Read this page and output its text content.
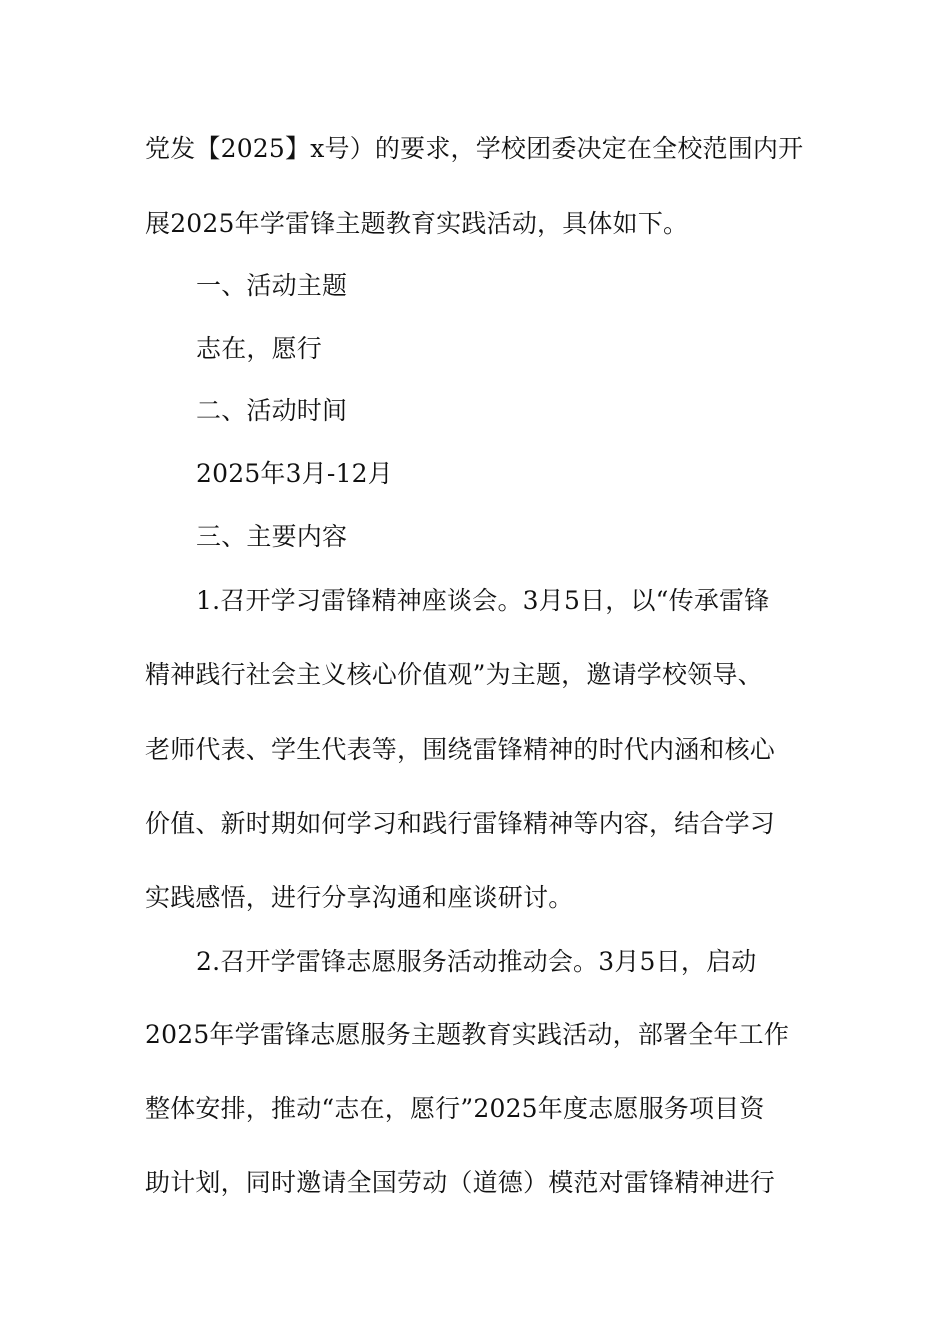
党发【2025】x号）的要求，学校团委决定在全校范围内开
展2025年学雷锋主题教育实践活动，具体如下。
一、活动主题
志在，愿行
二、活动时间
2025年3月-12月
三、主要内容
1.召开学习雷锋精神座谈会。3月5日，以“传承雷锋
精神践行社会主义核心价值观”为主题，邀请学校领导、
老师代表、学生代表等，围绕雷锋精神的时代内涵和核心
价值、新时期如何学习和践行雷锋精神等内容，结合学习
实践感悟，进行分享沟通和座谈研讨。
2.召开学雷锋志愿服务活动推动会。3月5日，启动
2025年学雷锋志愿服务主题教育实践活动，部署全年工作
整体安排，推动“志在，愿行”2025年度志愿服务项目资
助计划，同时邀请全国劳动（道德）模范对雷锋精神进行
